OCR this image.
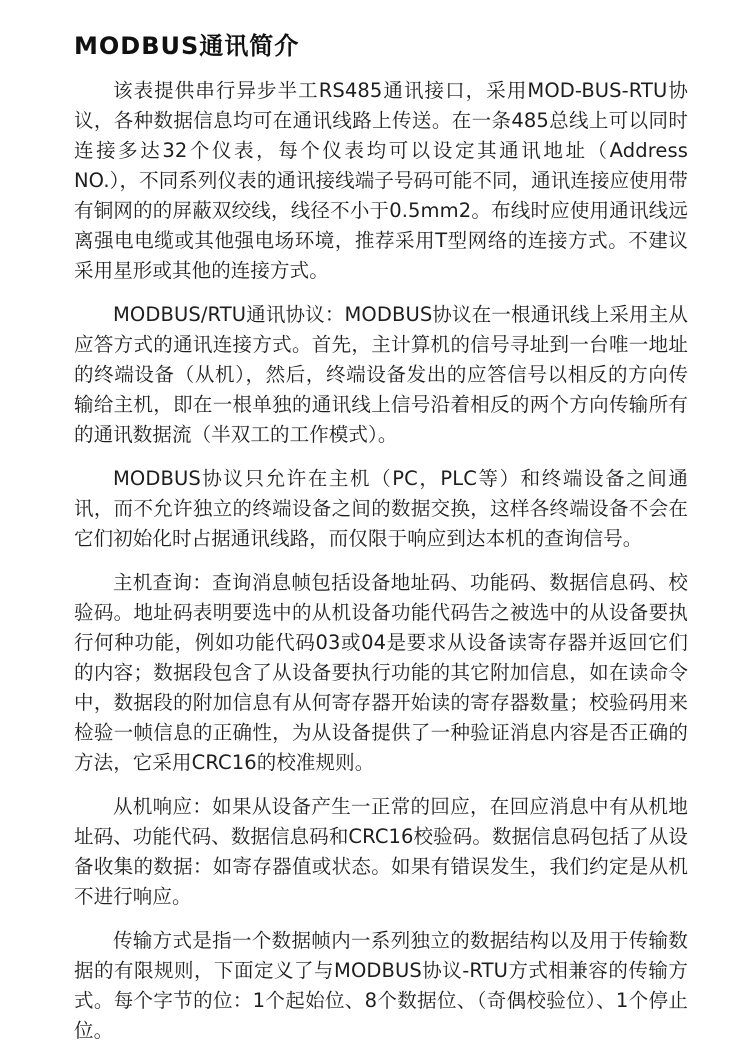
MODBUS通讯简介

该表提供串行异步半工RS485通讯接口，采用MOD-BUS-RTU协议，各种数据信息均可在通讯线路上传送。在一条485总线上可以同时连接多达32个仪表，每个仪表均可以设定其通讯地址（Address NO.），不同系列仪表的通讯接线端子号码可能不同，通讯连接应使用带有铜网的的屏蔽双绞线，线径不小于0.5mm2。布线时应使用通讯线远离强电电缆或其他强电场环境，推荐采用T型网络的连接方式。不建议采用星形或其他的连接方式。

MODBUS/RTU通讯协议：MODBUS协议在一根通讯线上采用主从应答方式的通讯连接方式。首先，主计算机的信号寻址到一台唯一地址的终端设备（从机），然后，终端设备发出的应答信号以相反的方向传输给主机，即在一根单独的通讯线上信号沿着相反的两个方向传输所有的通讯数据流（半双工的工作模式）。

MODBUS协议只允许在主机（PC，PLC等）和终端设备之间通讯，而不允许独立的终端设备之间的数据交换，这样各终端设备不会在它们初始化时占据通讯线路，而仅限于响应到达本机的查询信号。

主机查询：查询消息帧包括设备地址码、功能码、数据信息码、校验码。地址码表明要选中的从机设备功能代码告之被选中的从设备要执行何种功能，例如功能代码03或04是要求从设备读寄存器并返回它们的内容；数据段包含了从设备要执行功能的其它附加信息，如在读命令中，数据段的附加信息有从何寄存器开始读的寄存器数量；校验码用来检验一帧信息的正确性，为从设备提供了一种验证消息内容是否正确的方法，它采用CRC16的校准规则。

从机响应：如果从设备产生一正常的回应，在回应消息中有从机地址码、功能代码、数据信息码和CRC16校验码。数据信息码包括了从设备收集的数据：如寄存器值或状态。如果有错误发生，我们约定是从机不进行响应。

传输方式是指一个数据帧内一系列独立的数据结构以及用于传输数据的有限规则，下面定义了与MODBUS协议-RTU方式相兼容的传输方式。每个字节的位：1个起始位、8个数据位、（奇偶校验位）、1个停止位。
